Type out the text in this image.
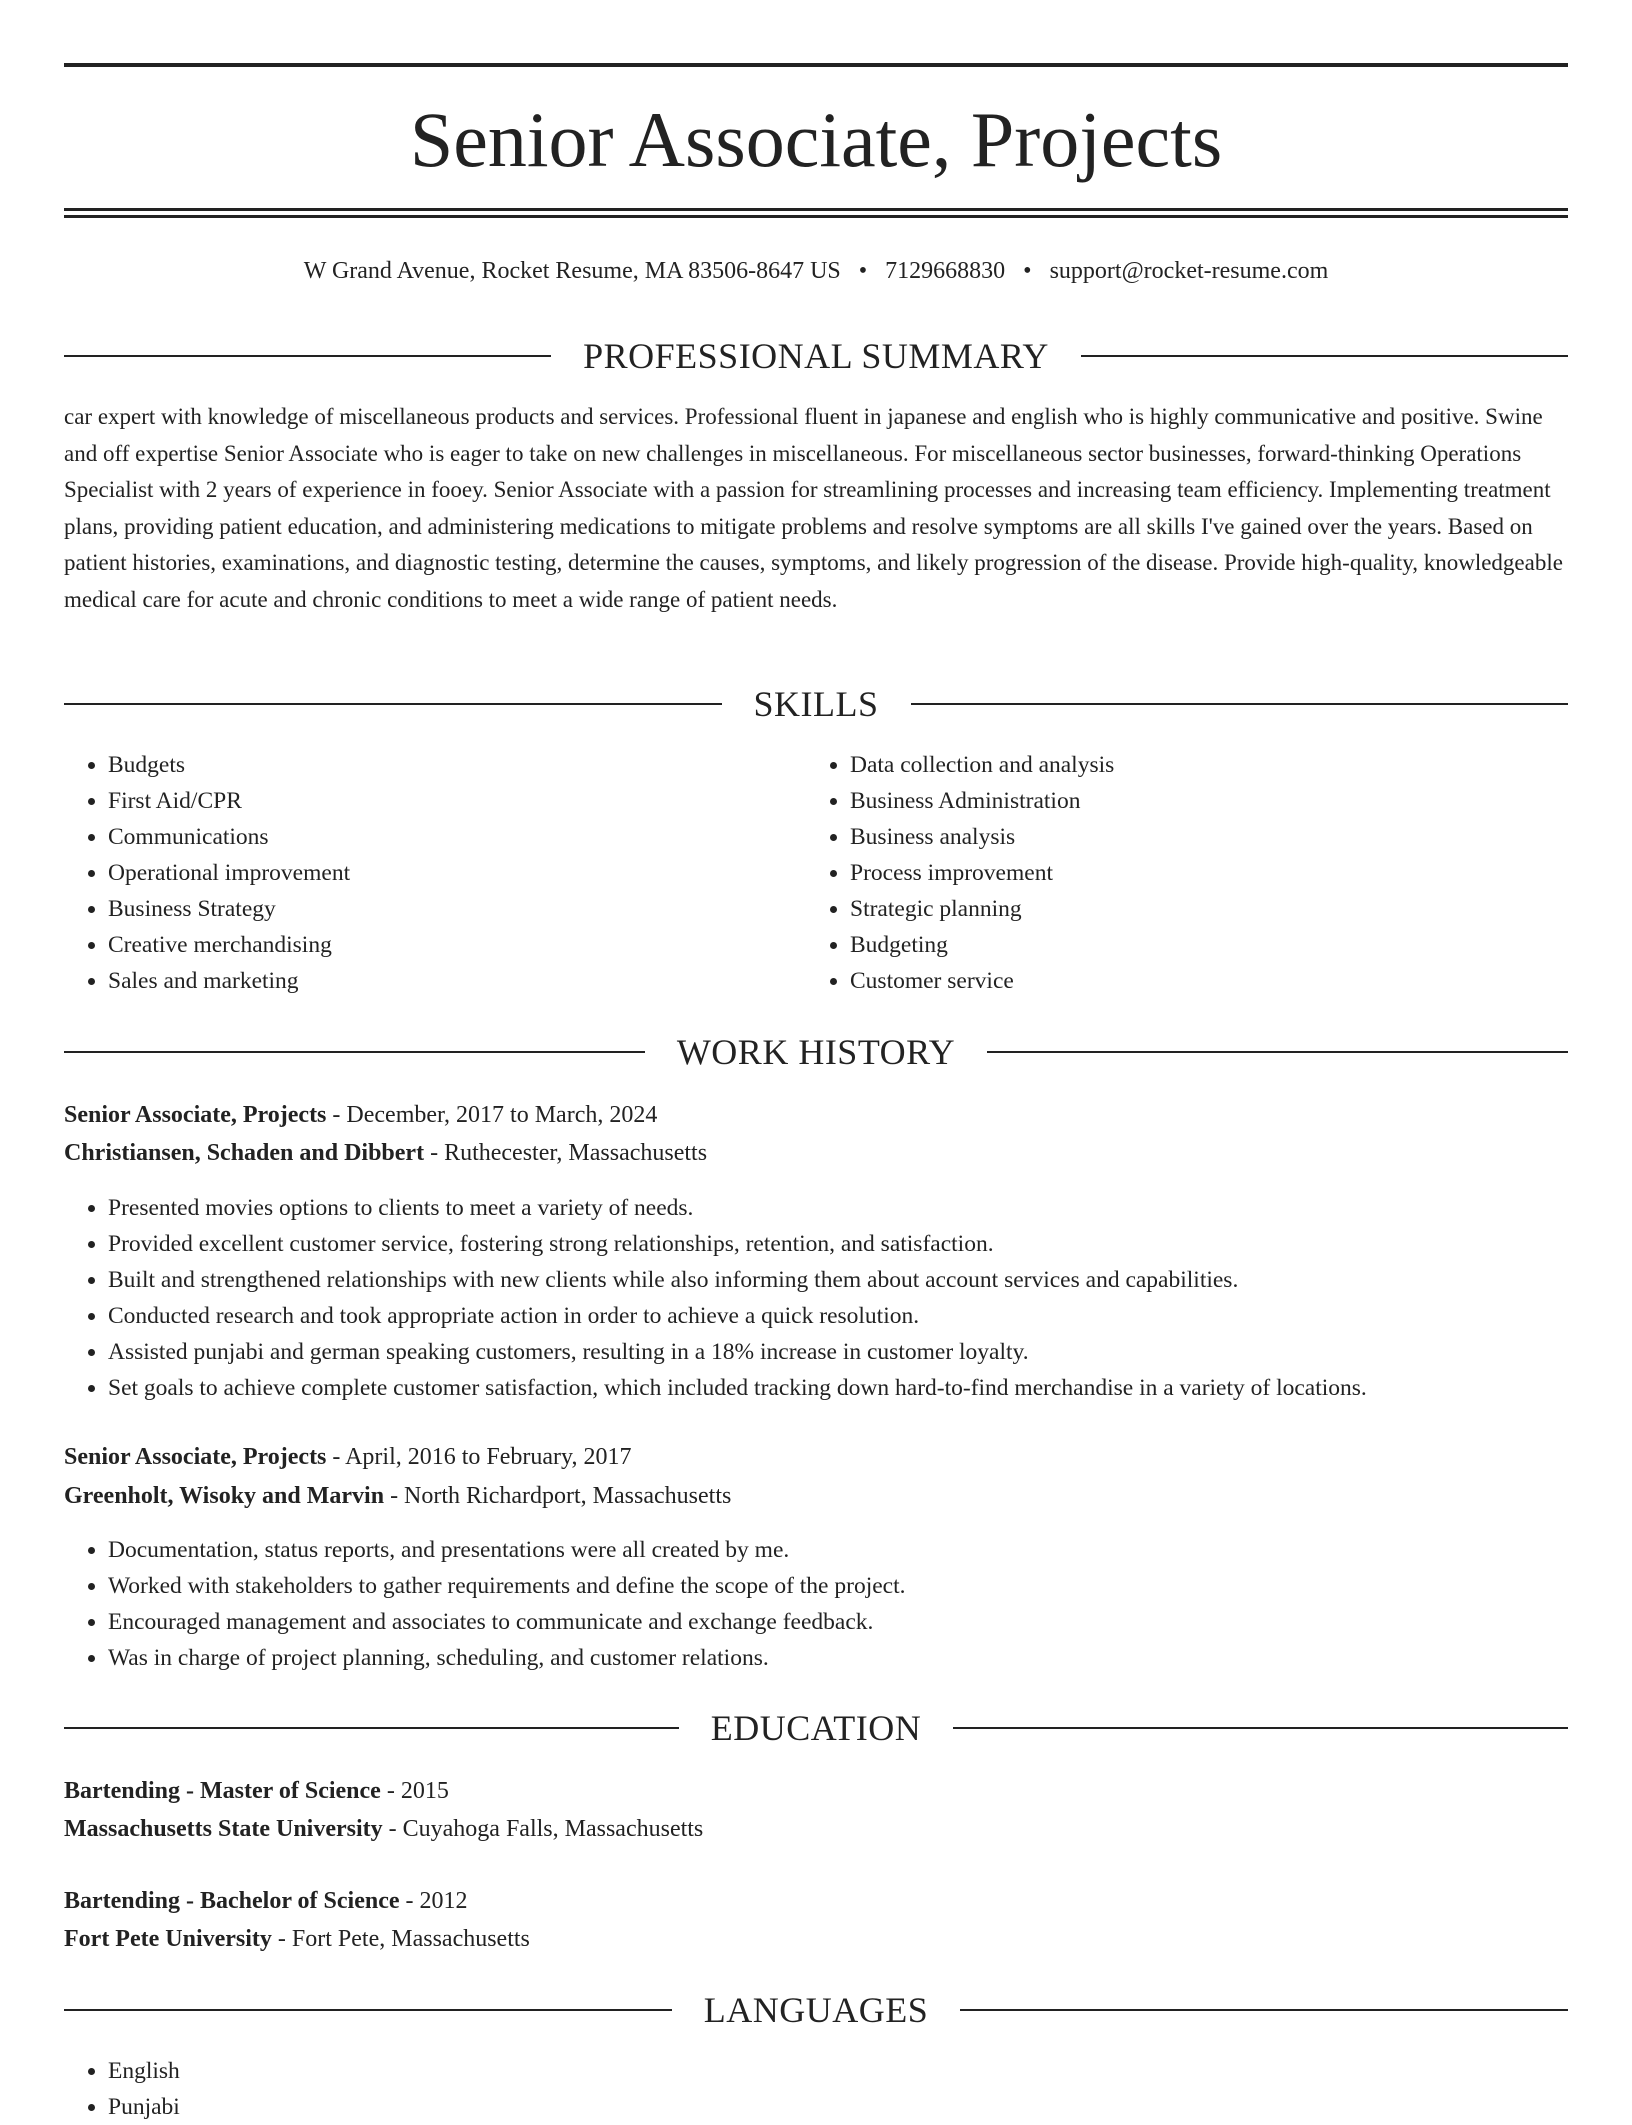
Senior Associate, Projects
W Grand Avenue, Rocket Resume, MA 83506-8647 US • 7129668830 • support@rocket-resume.com
PROFESSIONAL SUMMARY

car expert with knowledge of miscellaneous products and services. Professional fluent in japanese and english who is highly communicative and positive. Swine and off expertise Senior Associate who is eager to take on new challenges in miscellaneous. For miscellaneous sector businesses, forward-thinking Operations Specialist with 2 years of experience in fooey. Senior Associate with a passion for streamlining processes and increasing team efficiency. Implementing treatment plans, providing patient education, and administering medications to mitigate problems and resolve symptoms are all skills I've gained over the years. Based on patient histories, examinations, and diagnostic testing, determine the causes, symptoms, and likely progression of the disease. Provide high-quality, knowledgeable medical care for acute and chronic conditions to meet a wide range of patient needs.

SKILLS
• Budgets
• First Aid/CPR
• Communications
• Operational improvement
• Business Strategy
• Creative merchandising
• Sales and marketing
• Data collection and analysis
• Business Administration
• Business analysis
• Process improvement
• Strategic planning
• Budgeting
• Customer service
WORK HISTORY
Senior Associate, Projects - December, 2017 to March, 2024
Christiansen, Schaden and Dibbert - Ruthecester, Massachusetts
• Presented movies options to clients to meet a variety of needs.
• Provided excellent customer service, fostering strong relationships, retention, and satisfaction.
• Built and strengthened relationships with new clients while also informing them about account services and capabilities.
• Conducted research and took appropriate action in order to achieve a quick resolution.
• Assisted punjabi and german speaking customers, resulting in a 18% increase in customer loyalty.
• Set goals to achieve complete customer satisfaction, which included tracking down hard-to-find merchandise in a variety of locations.
Senior Associate, Projects - April, 2016 to February, 2017
Greenholt, Wisoky and Marvin - North Richardport, Massachusetts
• Documentation, status reports, and presentations were all created by me.
• Worked with stakeholders to gather requirements and define the scope of the project.
• Encouraged management and associates to communicate and exchange feedback.
• Was in charge of project planning, scheduling, and customer relations.
EDUCATION
Bartending - Master of Science - 2015
Massachusetts State University - Cuyahoga Falls, Massachusetts
Bartending - Bachelor of Science - 2012
Fort Pete University - Fort Pete, Massachusetts
LANGUAGES
• English
• Punjabi
